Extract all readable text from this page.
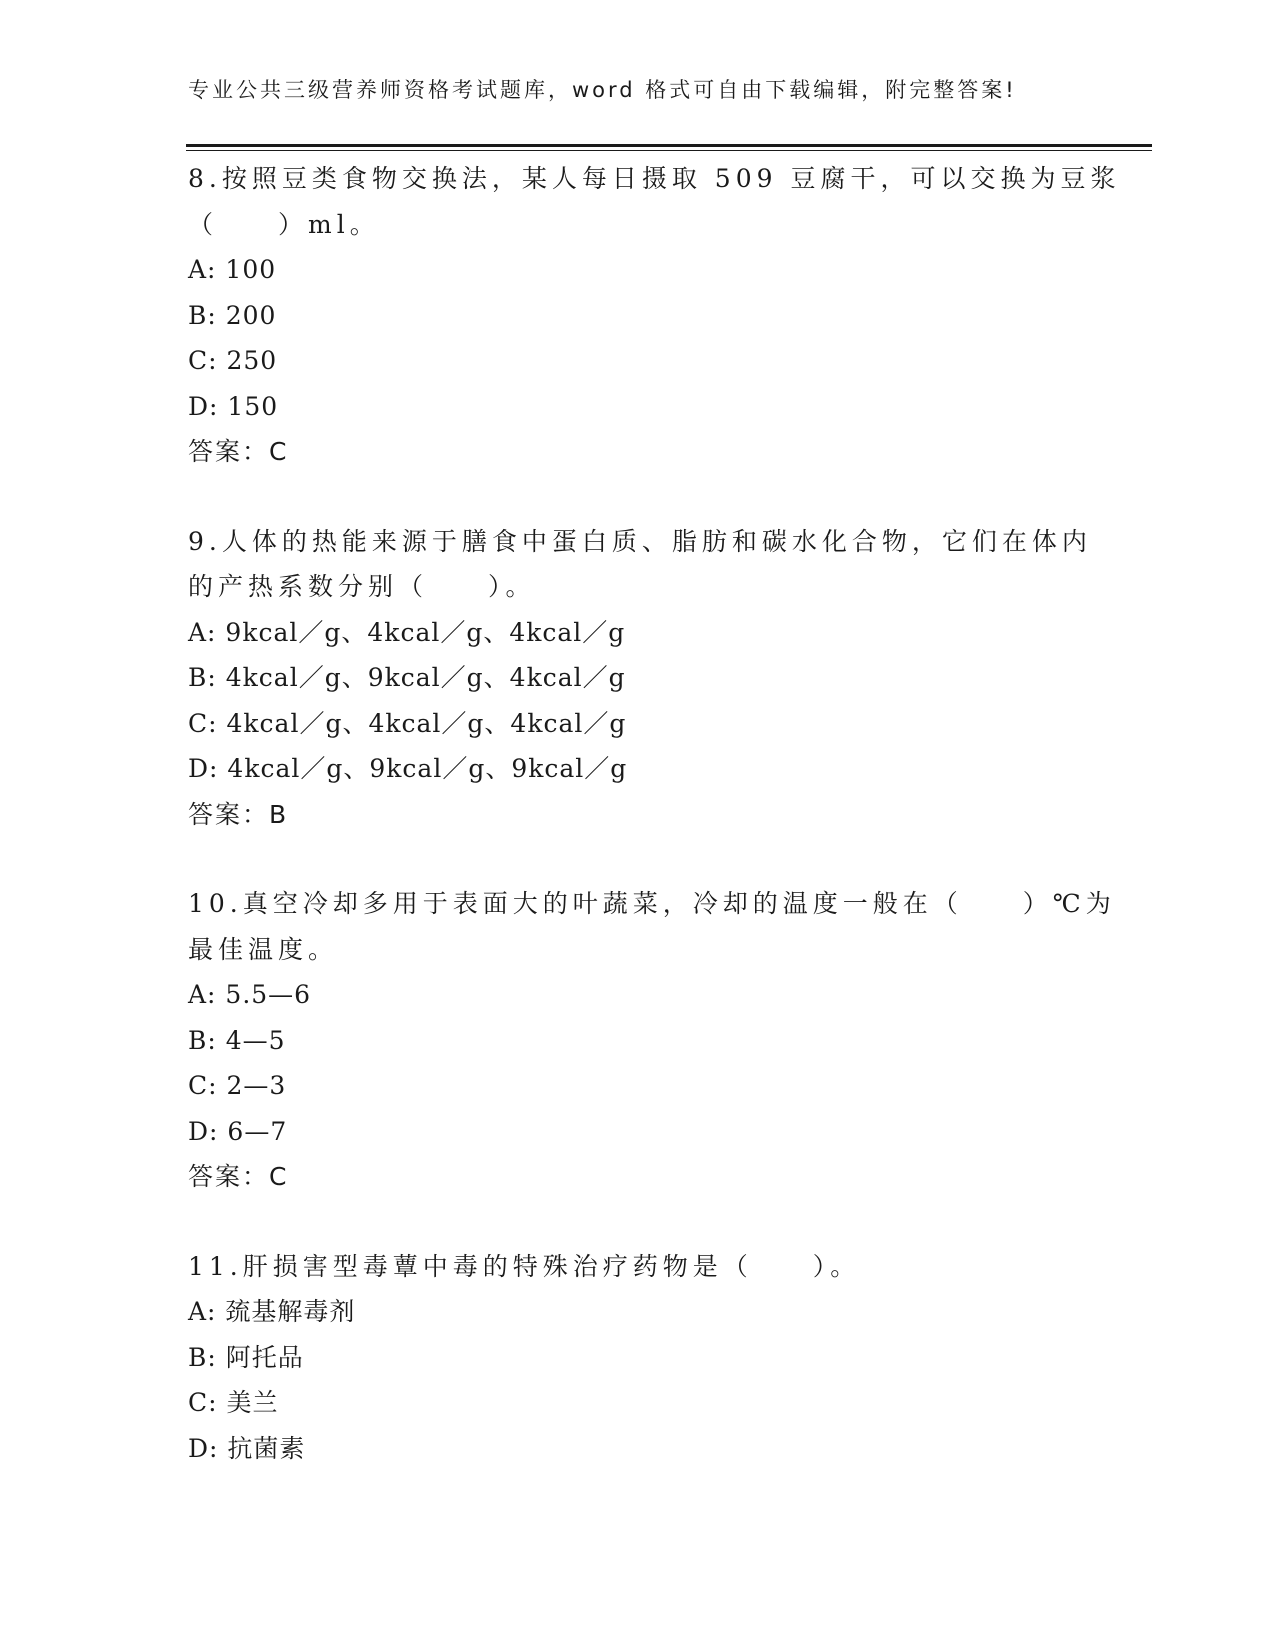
专业公共三级营养师资格考试题库，word 格式可自由下载编辑，附完整答案!
8.按照豆类食物交换法，某人每日摄取 509 豆腐干，可以交换为豆浆
（　　）ml。
A: 100
B: 200
C: 250
D: 150
答案：C
9.人体的热能来源于膳食中蛋白质、脂肪和碳水化合物，它们在体内
的产热系数分别（　　）。
A: 9kcal／g、4kcal／g、4kcal／g
B: 4kcal／g、9kcal／g、4kcal／g
C: 4kcal／g、4kcal／g、4kcal／g
D: 4kcal／g、9kcal／g、9kcal／g
答案：B
10.真空冷却多用于表面大的叶蔬菜，冷却的温度一般在（　　）℃为
最佳温度。
A: 5.5—6
B: 4—5
C: 2—3
D: 6—7
答案：C
11.肝损害型毒蕈中毒的特殊治疗药物是（　　）。
A: 巯基解毒剂
B: 阿托品
C: 美兰
D: 抗菌素
